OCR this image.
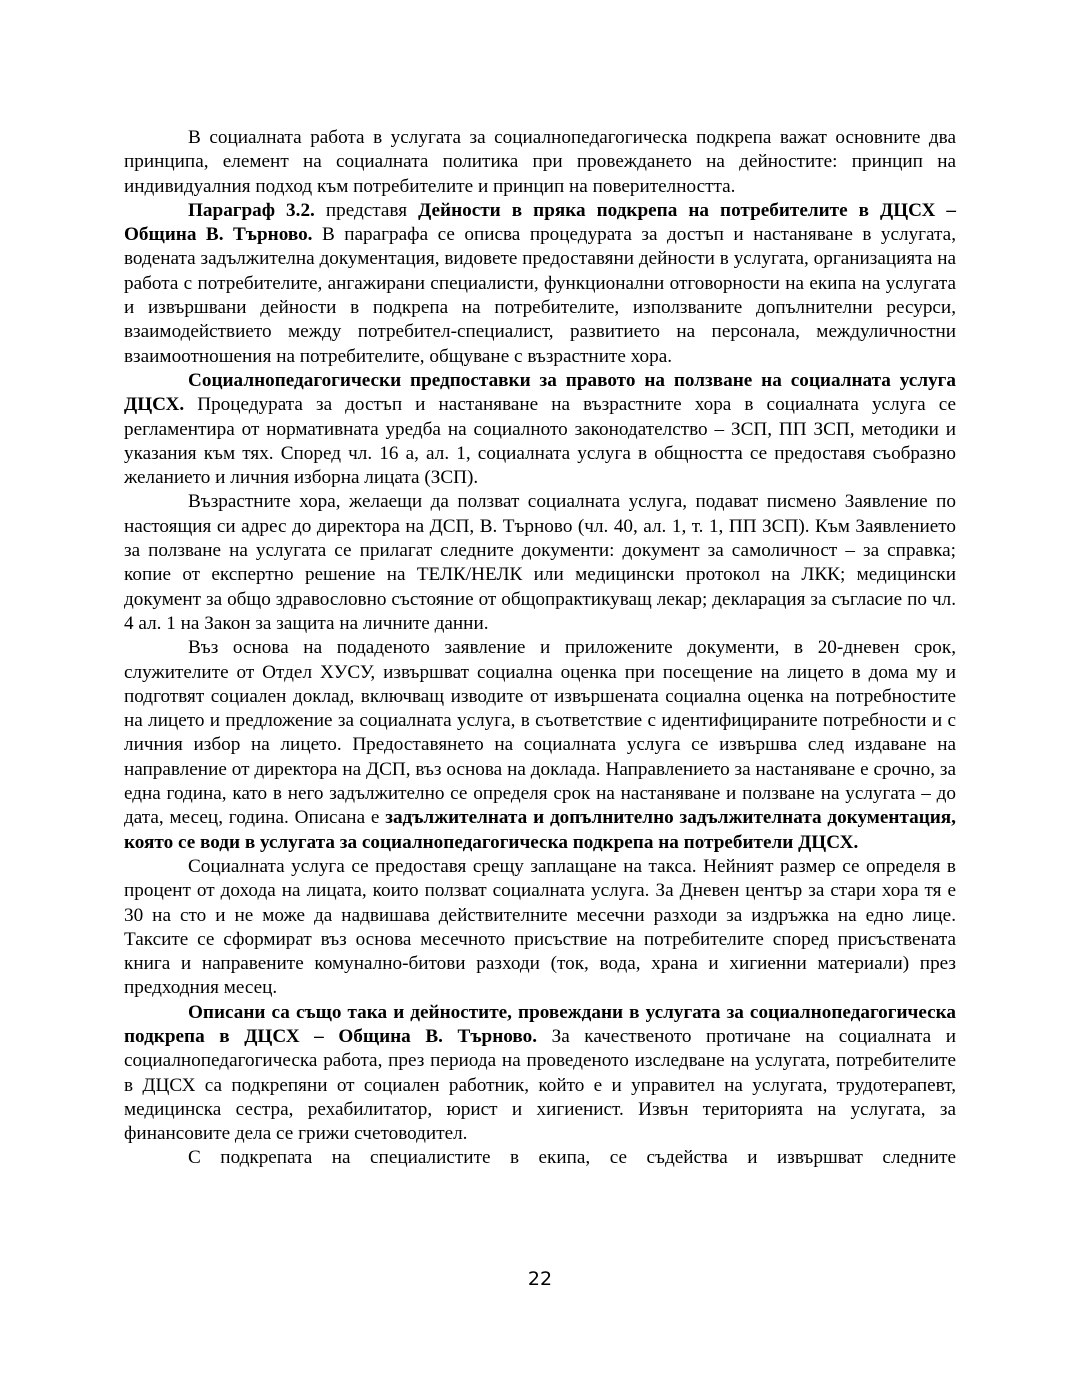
В социалната работа в услугата за социалнопедагогическа подкрепа важат основните два принципа, елемент на социалната политика при провеждането на дейностите: принцип на индивидуалния подход към потребителите и принцип на поверителността.

Параграф 3.2. представя Дейности в пряка подкрепа на потребителите в ДЦСХ – Община В. Търново. В параграфа се описва процедурата за достъп и настаняване в услугата, водената задължителна документация, видовете предоставяни дейности в услугата, организацията на работа с потребителите, ангажирани специалисти, функционални отговорности на екипа на услугата и извършвани дейности в подкрепа на потребителите, използваните допълнителни ресурси, взаимодействието между потребител-специалист, развитието на персонала, междуличностни взаимоотношения на потребителите, общуване с възрастните хора.

Социалнопедагогически предпоставки за правото на ползване на социалната услуга ДЦСХ. Процедурата за достъп и настаняване на възрастните хора в социалната услуга се регламентира от нормативната уредба на социалното законодателство – ЗСП, ПП ЗСП, методики и указания към тях. Според чл. 16 а, ал. 1, социалната услуга в общността се предоставя съобразно желанието и личния изборна лицата (ЗСП).

Възрастните хора, желаещи да ползват социалната услуга, подават писмено Заявление по настоящия си адрес до директора на ДСП, В. Търново (чл. 40, ал. 1, т. 1, ПП ЗСП). Към Заявлението за ползване на услугата се прилагат следните документи: документ за самоличност – за справка; копие от експертно решение на ТЕЛК/НЕЛК или медицински протокол на ЛКК; медицински документ за общо здравословно състояние от общопрактикуващ лекар; декларация за съгласие по чл. 4 ал. 1 на Закон за защита на личните данни.

Въз основа на подаденото заявление и приложените документи, в 20-дневен срок, служителите от Отдел ХУСУ, извършват социална оценка при посещение на лицето в дома му и подготвят социален доклад, включващ изводите от извършената социална оценка на потребностите на лицето и предложение за социалната услуга, в съответствие с идентифицираните потребности и с личния избор на лицето. Предоставянето на социалната услуга се извършва след издаване на направление от директора на ДСП, въз основа на доклада. Направлението за настаняване е срочно, за една година, като в него задължително се определя срок на настаняване и ползване на услугата – до дата, месец, година. Описана е задължителната и допълнително задължителната документация, която се води в услугата за социалнопедагогическа подкрепа на потребители ДЦСХ.

Социалната услуга се предоставя срещу заплащане на такса. Нейният размер се определя в процент от дохода на лицата, които ползват социалната услуга. За Дневен център за стари хора тя е 30 на сто и не може да надвишава действителните месечни разходи за издръжка на едно лице. Таксите се сформират въз основа месечното присъствие на потребителите според присъствената книга и направените комунално-битови разходи (ток, вода, храна и хигиенни материали) през предходния месец.

Описани са също така и дейностите, провеждани в услугата за социалнопедагогическа подкрепа в ДЦСХ – Община В. Търново. За качественото протичане на социалната и социалнопедагогическа работа, през периода на проведеното изследване на услугата, потребителите в ДЦСХ са подкрепяни от социален работник, който е и управител на услугата, трудотерапевт, медицинска сестра, рехабилитатор, юрист и хигиенист. Извън територията на услугата, за финансовите дела се грижи счетоводител.

С подкрепата на специалистите в екипа, се съдейства и извършват следните

22
